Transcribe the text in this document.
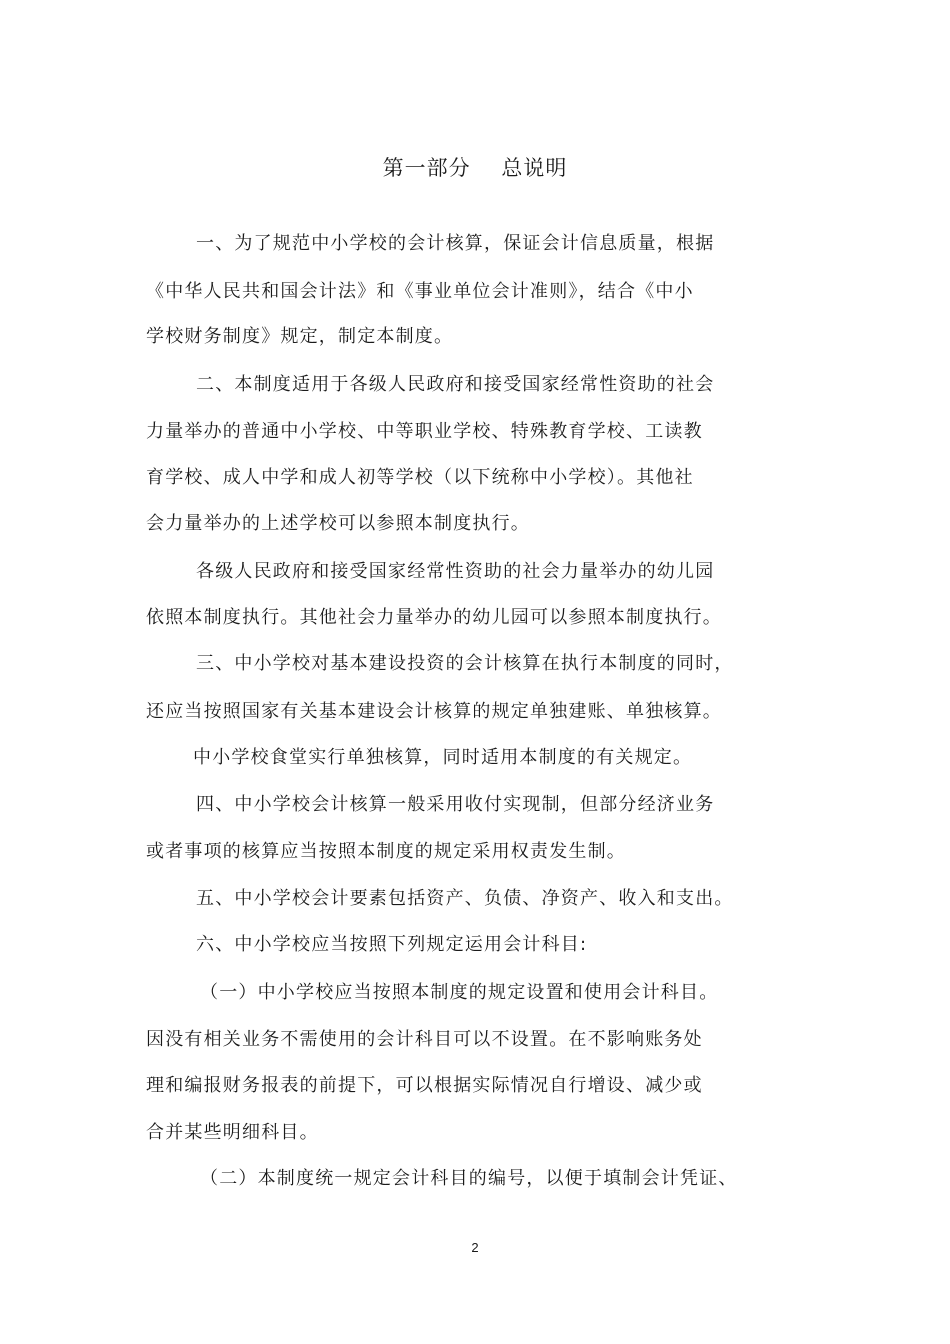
第一部分    总说明
一、为了规范中小学校的会计核算，保证会计信息质量，根据
《中华人民共和国会计法》和《事业单位会计准则》，结合《中小
学校财务制度》规定，制定本制度。
二、本制度适用于各级人民政府和接受国家经常性资助的社会
力量举办的普通中小学校、中等职业学校、特殊教育学校、工读教
育学校、成人中学和成人初等学校（以下统称中小学校）。其他社
会力量举办的上述学校可以参照本制度执行。
各级人民政府和接受国家经常性资助的社会力量举办的幼儿园
依照本制度执行。其他社会力量举办的幼儿园可以参照本制度执行。
三、中小学校对基本建设投资的会计核算在执行本制度的同时，
还应当按照国家有关基本建设会计核算的规定单独建账、单独核算。
中小学校食堂实行单独核算，同时适用本制度的有关规定。
四、中小学校会计核算一般采用收付实现制，但部分经济业务
或者事项的核算应当按照本制度的规定采用权责发生制。
五、中小学校会计要素包括资产、负债、净资产、收入和支出。
六、中小学校应当按照下列规定运用会计科目:
（一）中小学校应当按照本制度的规定设置和使用会计科目。
因没有相关业务不需使用的会计科目可以不设置。在不影响账务处
理和编报财务报表的前提下，可以根据实际情况自行增设、减少或
合并某些明细科目。
（二）本制度统一规定会计科目的编号，以便于填制会计凭证、
2
